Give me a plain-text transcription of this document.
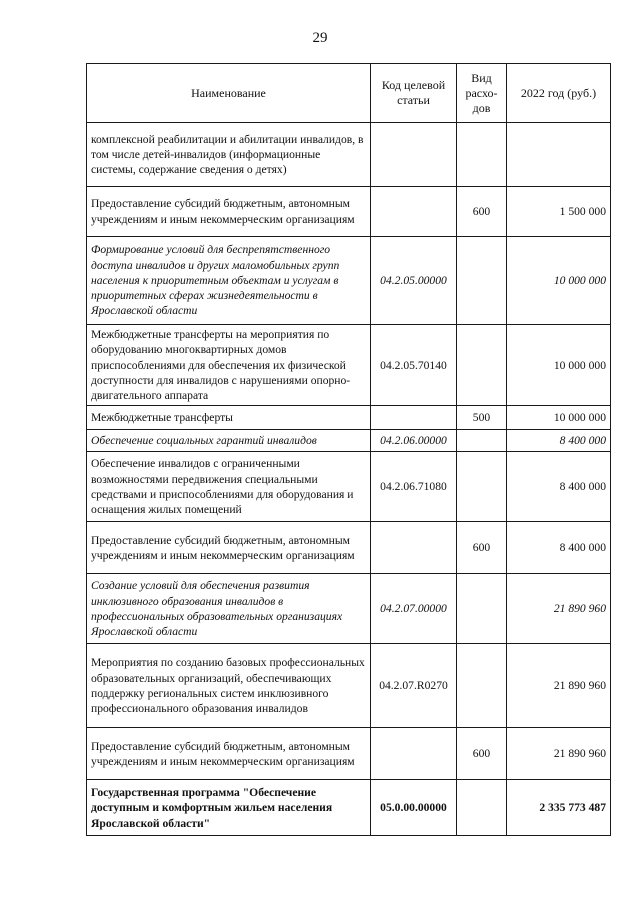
29
Наименование	Код целевой статьи	Вид расхо-дов	2022 год (руб.)
комплексной реабилитации и абилитации инвалидов, в том числе детей-инвалидов (информационные системы, содержание сведения о детях)			
Предоставление субсидий бюджетным, автономным учреждениям и иным некоммерческим организациям		600	1 500 000
Формирование условий для беспрепятственного доступа инвалидов и других маломобильных групп населения к приоритетным объектам и услугам в приоритетных сферах жизнедеятельности в Ярославской области	04.2.05.00000		10 000 000
Межбюджетные трансферты на мероприятия по оборудованию многоквартирных домов приспособлениями для обеспечения их физической доступности для инвалидов с нарушениями опорно-двигательного аппарата	04.2.05.70140		10 000 000
Межбюджетные трансферты		500	10 000 000
Обеспечение социальных гарантий инвалидов	04.2.06.00000		8 400 000
Обеспечение инвалидов с ограниченными возможностями передвижения специальными средствами и приспособлениями для оборудования и оснащения жилых помещений	04.2.06.71080		8 400 000
Предоставление субсидий бюджетным, автономным учреждениям и иным некоммерческим организациям		600	8 400 000
Создание условий для обеспечения развития инклюзивного образования инвалидов в профессиональных образовательных организациях Ярославской области	04.2.07.00000		21 890 960
Мероприятия по созданию базовых профессиональных образовательных организаций, обеспечивающих поддержку региональных систем инклюзивного профессионального образования инвалидов	04.2.07.R0270		21 890 960
Предоставление субсидий бюджетным, автономным учреждениям и иным некоммерческим организациям		600	21 890 960
Государственная программа "Обеспечение доступным и комфортным жильем населения Ярославской области"	05.0.00.00000		2 335 773 487
